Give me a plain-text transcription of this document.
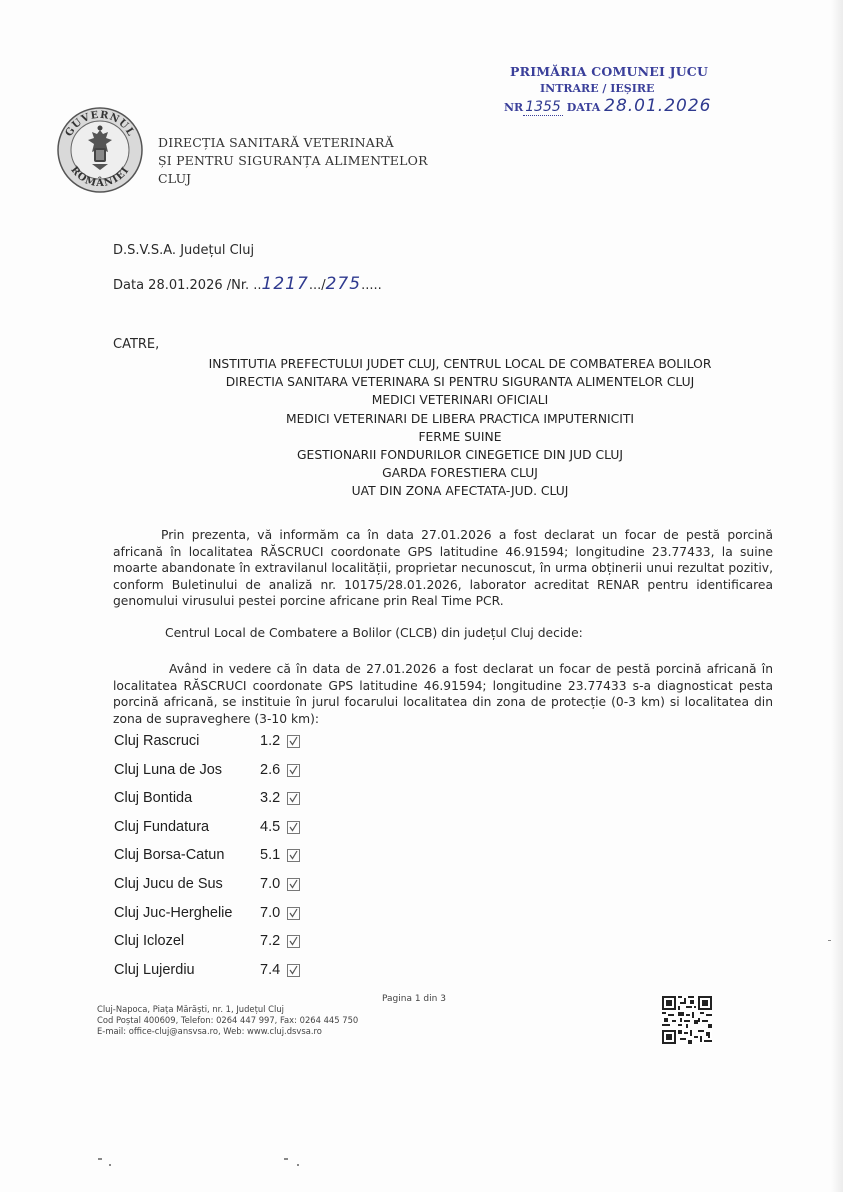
PRIMĂRIA COMUNEI JUCU
INTRARE / IEȘIRE
NR 1355 DATA 28.01.2026
GUVERNUL
ROMÂNIEI
DIRECȚIA SANITARĂ VETERINARĂ
ȘI PENTRU SIGURANȚA ALIMENTELOR
CLUJ
D.S.V.S.A. Județul Cluj
Data 28.01.2026 /Nr. ..1217.../275.....
CATRE,
INSTITUTIA PREFECTULUI JUDET CLUJ, CENTRUL LOCAL DE COMBATEREA BOLILOR
DIRECTIA SANITARA VETERINARA SI PENTRU SIGURANTA ALIMENTELOR CLUJ
MEDICI VETERINARI OFICIALI
MEDICI VETERINARI DE LIBERA PRACTICA IMPUTERNICITI
FERME SUINE
GESTIONARII FONDURILOR CINEGETICE DIN JUD CLUJ
GARDA FORESTIERA CLUJ
UAT DIN ZONA AFECTATA-JUD. CLUJ
Prin prezenta, vă informăm ca în data 27.01.2026 a fost declarat un focar de pestă porcină africană în localitatea RĂSCRUCI coordonate GPS latitudine 46.91594; longitudine 23.77433, la suine moarte abandonate în extravilanul localității, proprietar necunoscut, în urma obținerii unui rezultat pozitiv, conform Buletinului de analiză nr. 10175/28.01.2026, laborator acreditat RENAR pentru identificarea genomului virusului pestei porcine africane prin Real Time PCR.
Centrul Local de Combatere a Bolilor (CLCB) din județul Cluj decide:
Având in vedere că în data de 27.01.2026 a fost declarat un focar de pestă porcină africană în localitatea RĂSCRUCI coordonate GPS latitudine 46.91594; longitudine 23.77433 s-a diagnosticat pesta porcină africană, se instituie în jurul focarului localitatea din zona de protecție (0-3 km) si localitatea din zona de supraveghere (3-10 km):
Cluj Rascruci	1.2
Cluj Luna de Jos	2.6
Cluj Bontida	3.2
Cluj Fundatura	4.5
Cluj Borsa-Catun 5.1
Cluj Jucu de Sus	7.0
Cluj Juc-Herghelie 7.0
Cluj Iclozel	7.2
Cluj Lujerdiu	7.4
Pagina 1 din 3
Cluj-Napoca, Piața Mărăști, nr. 1, Județul Cluj
Cod Poștal 400609, Telefon: 0264 447 997, Fax: 0264 445 750
E-mail: office-cluj@ansvsa.ro, Web: www.cluj.dsvsa.ro
